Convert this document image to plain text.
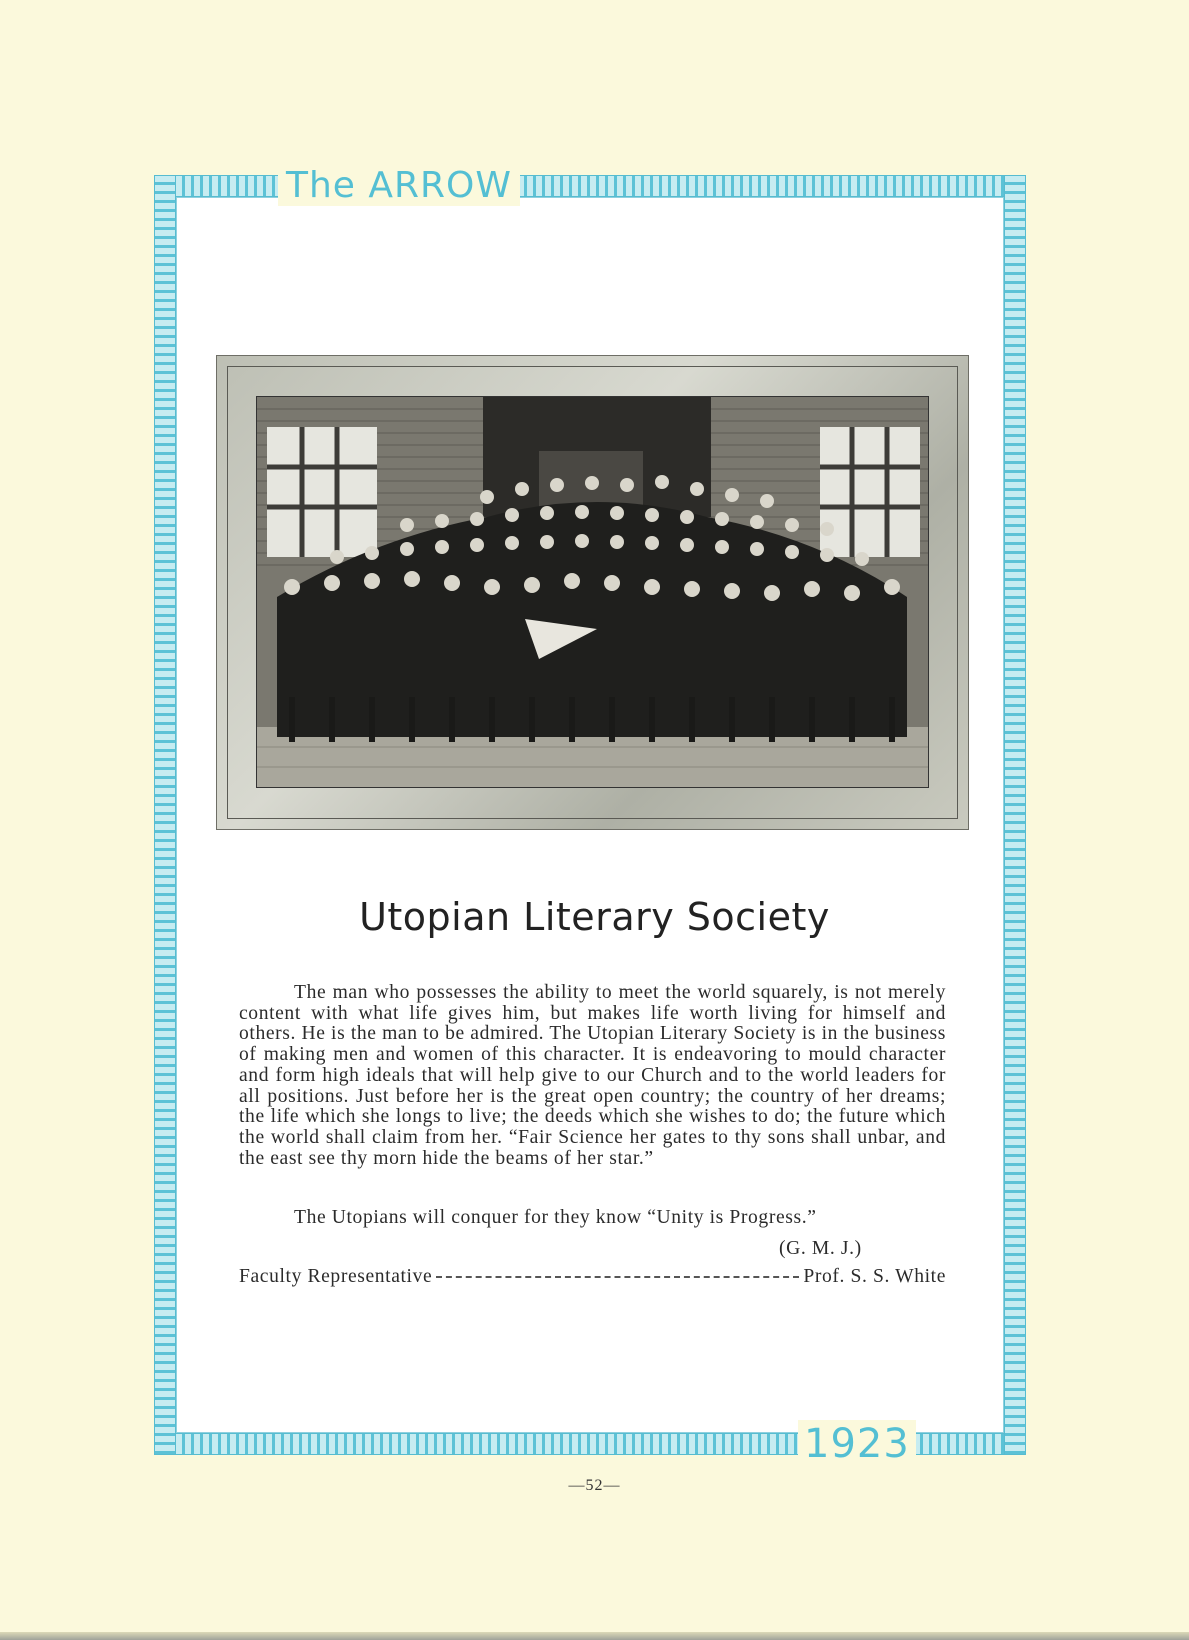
The ARROW
1923
Utopian Literary Society

The man who possesses the ability to meet the world squarely, is not merely content with what life gives him, but makes life worth living for himself and others. He is the man to be admired. The Utopian Literary Society is in the business of making men and women of this character. It is endeavoring to mould character and form high ideals that will help give to our Church and to the world leaders for all positions. Just before her is the great open country; the country of her dreams; the life which she longs to live; the deeds which she wishes to do; the future which the world shall claim from her. “Fair Science her gates to thy sons shall unbar, and the east see thy morn hide the beams of her star.”

The Utopians will conquer for they know “Unity is Progress.”

(G. M. J.)
Faculty Representative	Prof. S. S. White
—52—
